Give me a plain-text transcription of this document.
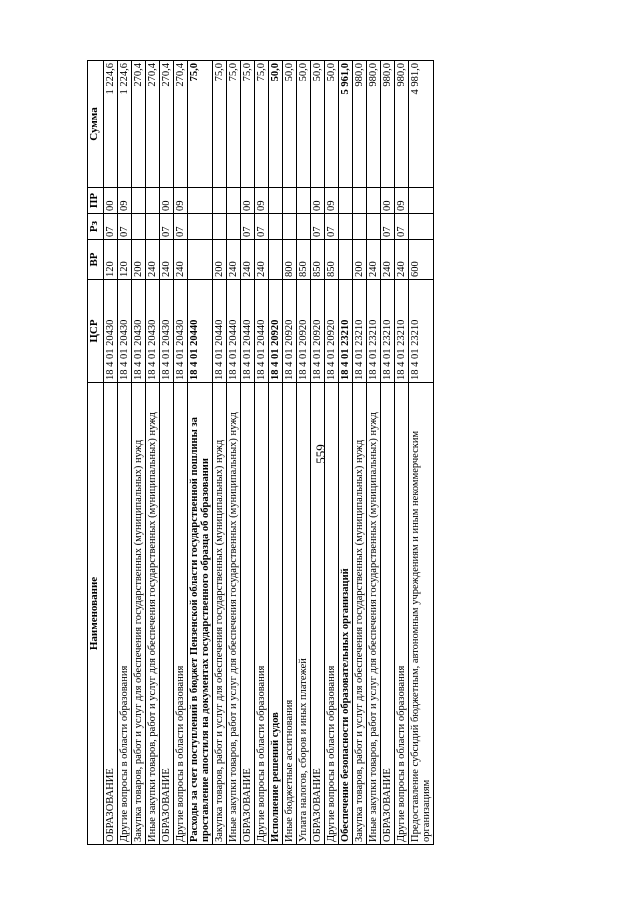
559
Наименование	ЦСР	ВР	Рз	ПР	Сумма
ОБРАЗОВАНИЕ	18 4 01 20430	120	07	00	1 224,6
Другие вопросы в области образования	18 4 01 20430	120	07	09	1 224,6
Закупка товаров, работ и услуг для обеспечения государственных (муниципальных) нужд	18 4 01 20430	200			270,4
Иные закупки товаров, работ и услуг для обеспечения государственных (муниципальных) нужд	18 4 01 20430	240			270,4
ОБРАЗОВАНИЕ	18 4 01 20430	240	07	00	270,4
Другие вопросы в области образования	18 4 01 20430	240	07	09	270,4
Расходы за счет поступлений в бюджет Пензенской области государственной пошлины за проставление апостиля на документах государственного образца об образовании	18 4 01 20440				75,0
Закупка товаров, работ и услуг для обеспечения государственных (муниципальных) нужд	18 4 01 20440	200			75,0
Иные закупки товаров, работ и услуг для обеспечения государственных (муниципальных) нужд	18 4 01 20440	240			75,0
ОБРАЗОВАНИЕ	18 4 01 20440	240	07	00	75,0
Другие вопросы в области образования	18 4 01 20440	240	07	09	75,0
Исполнение решений судов	18 4 01 20920				50,0
Иные бюджетные ассигнования	18 4 01 20920	800			50,0
Уплата налогов, сборов и иных платежей	18 4 01 20920	850			50,0
ОБРАЗОВАНИЕ	18 4 01 20920	850	07	00	50,0
Другие вопросы в области образования	18 4 01 20920	850	07	09	50,0
Обеспечение безопасности образовательных организаций	18 4 01 23210				5 961,0
Закупка товаров, работ и услуг для обеспечения государственных (муниципальных) нужд	18 4 01 23210	200			980,0
Иные закупки товаров, работ и услуг для обеспечения государственных (муниципальных) нужд	18 4 01 23210	240			980,0
ОБРАЗОВАНИЕ	18 4 01 23210	240	07	00	980,0
Другие вопросы в области образования	18 4 01 23210	240	07	09	980,0
Предоставление субсидий бюджетным, автономным учреждениям и иным некоммерческим организациям	18 4 01 23210	600			4 981,0
